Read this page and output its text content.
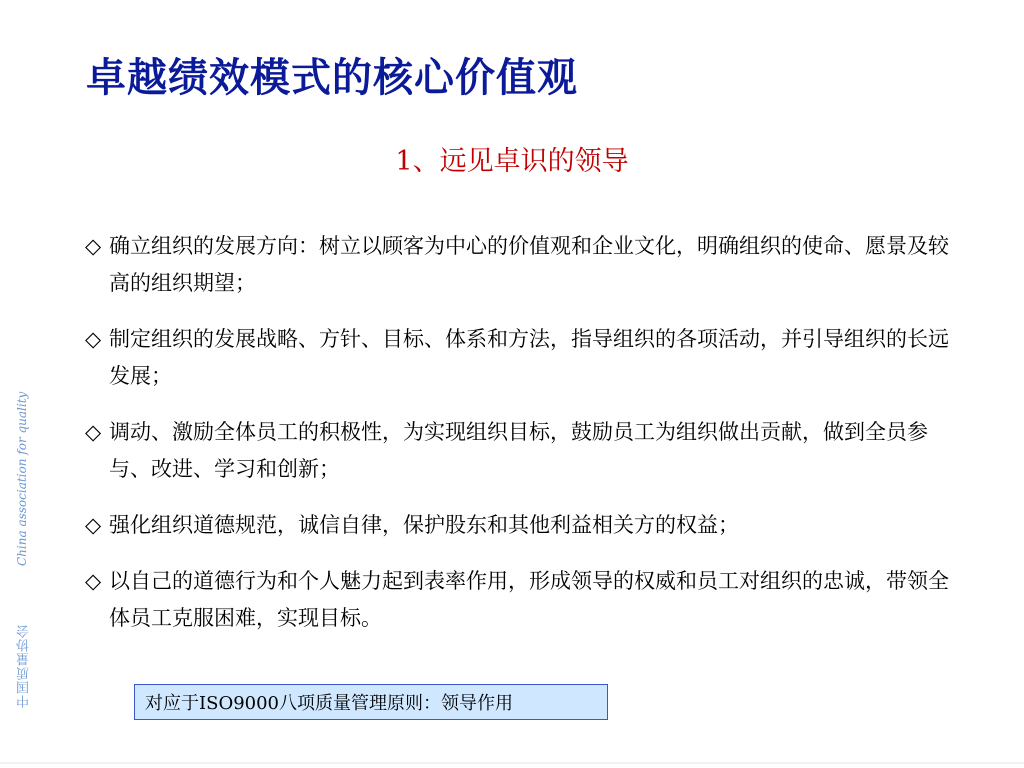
卓越绩效模式的核心价值观
1、远见卓识的领导
◇ 确立组织的发展方向：树立以顾客为中心的价值观和企业文化，明确组织的使命、愿景及较高的组织期望；
◇ 制定组织的发展战略、方针、目标、体系和方法，指导组织的各项活动，并引导组织的长远发展；
◇ 调动、激励全体员工的积极性，为实现组织目标，鼓励员工为组织做出贡献，做到全员参与、改进、学习和创新；
◇ 强化组织道德规范，诚信自律，保护股东和其他利益相关方的权益；
◇ 以自己的道德行为和个人魅力起到表率作用，形成领导的权威和员工对组织的忠诚，带领全体员工克服困难，实现目标。
China association for quality
中国质量协会	对应于ISO9000八项质量管理原则：领导作用
